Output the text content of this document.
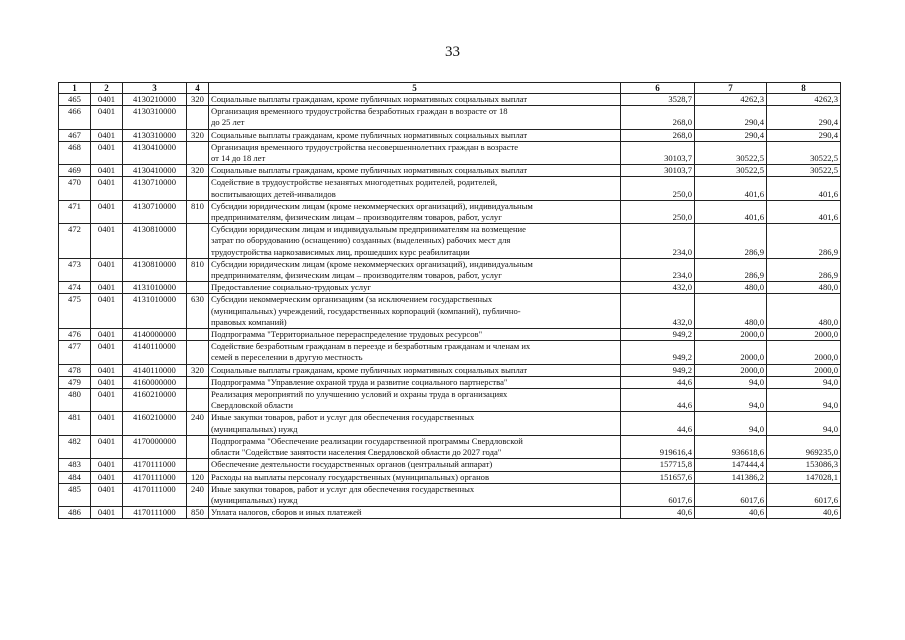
33
1	2	3	4	5	6	7	8
465	0401	4130210000	320	Социальные выплаты гражданам, кроме публичных нормативных социальных выплат	3528,7	4262,3	4262,3
466	0401	4130310000		Организация временного трудоустройства безработных граждан в возрасте от 18
до 25 лет	268,0	290,4	290,4
467	0401	4130310000	320	Социальные выплаты гражданам, кроме публичных нормативных социальных выплат	268,0	290,4	290,4
468	0401	4130410000		Организация временного трудоустройства несовершеннолетних граждан в возрасте
от 14 до 18 лет	30103,7	30522,5	30522,5
469	0401	4130410000	320	Социальные выплаты гражданам, кроме публичных нормативных социальных выплат	30103,7	30522,5	30522,5
470	0401	4130710000		Содействие в трудоустройстве незанятых многодетных родителей, родителей,
воспитывающих детей-инвалидов	250,0	401,6	401,6
471	0401	4130710000	810	Субсидии юридическим лицам (кроме некоммерческих организаций), индивидуальным
предпринимателям, физическим лицам – производителям товаров, работ, услуг	250,0	401,6	401,6
472	0401	4130810000		Субсидии юридическим лицам и индивидуальным предпринимателям на возмещение
затрат по оборудованию (оснащению) созданных (выделенных) рабочих мест для
трудоустройства наркозависимых лиц, прошедших курс реабилитации	234,0	286,9	286,9
473	0401	4130810000	810	Субсидии юридическим лицам (кроме некоммерческих организаций), индивидуальным
предпринимателям, физическим лицам – производителям товаров, работ, услуг	234,0	286,9	286,9
474	0401	4131010000		Предоставление социально-трудовых услуг	432,0	480,0	480,0
475	0401	4131010000	630	Субсидии некоммерческим организациям (за исключением государственных
(муниципальных) учреждений, государственных корпораций (компаний), публично-
правовых компаний)	432,0	480,0	480,0
476	0401	4140000000		Подпрограмма "Территориальное перераспределение трудовых ресурсов"	949,2	2000,0	2000,0
477	0401	4140110000		Содействие безработным гражданам в переезде и безработным гражданам и членам их
семей в переселении в другую местность	949,2	2000,0	2000,0
478	0401	4140110000	320	Социальные выплаты гражданам, кроме публичных нормативных социальных выплат	949,2	2000,0	2000,0
479	0401	4160000000		Подпрограмма "Управление охраной труда и развитие социального партнерства"	44,6	94,0	94,0
480	0401	4160210000		Реализация мероприятий по улучшению условий и охраны труда в организациях
Свердловской области	44,6	94,0	94,0
481	0401	4160210000	240	Иные закупки товаров, работ и услуг для обеспечения государственных
(муниципальных) нужд	44,6	94,0	94,0
482	0401	4170000000		Подпрограмма "Обеспечение реализации государственной программы Свердловской
области "Содействие занятости населения Свердловской области до 2027 года"	919616,4	936618,6	969235,0
483	0401	4170111000		Обеспечение деятельности государственных органов (центральный аппарат)	157715,8	147444,4	153086,3
484	0401	4170111000	120	Расходы на выплаты персоналу государственных (муниципальных) органов	151657,6	141386,2	147028,1
485	0401	4170111000	240	Иные закупки товаров, работ и услуг для обеспечения государственных
(муниципальных) нужд	6017,6	6017,6	6017,6
486	0401	4170111000	850	Уплата налогов, сборов и иных платежей	40,6	40,6	40,6
